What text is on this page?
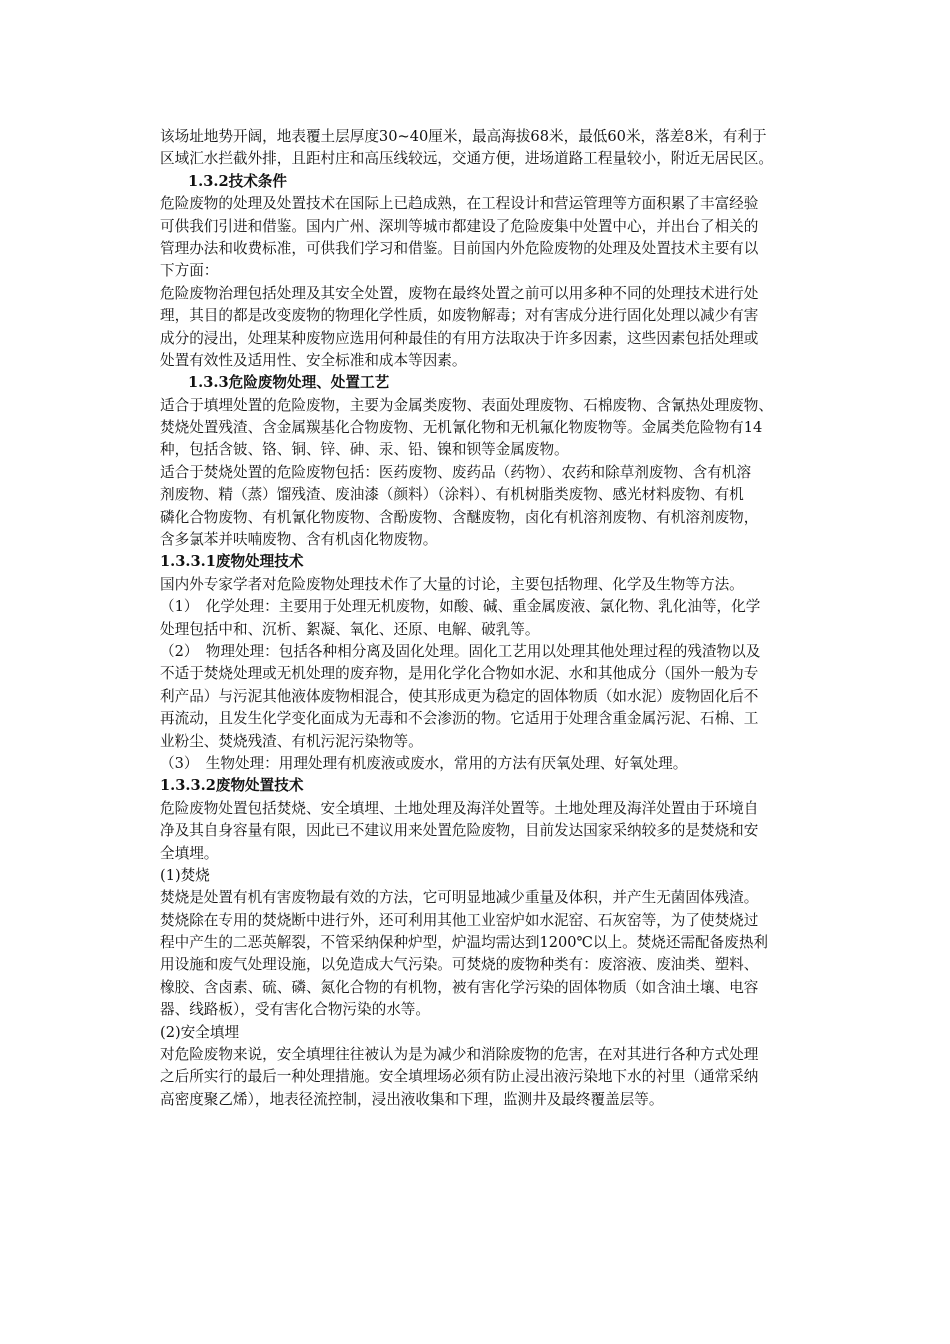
该场址地势开阔，地表覆土层厚度30~40厘米，最高海拔68米，最低60米，落差8米，有利于
区域汇水拦截外排，且距村庄和高压线较远，交通方便，进场道路工程量较小，附近无居民区。
1.3.2技术条件
危险废物的处理及处置技术在国际上已趋成熟，在工程设计和营运管理等方面积累了丰富经验
可供我们引进和借鉴。国内广州、深圳等城市都建设了危险废集中处置中心，并出台了相关的
管理办法和收费标准，可供我们学习和借鉴。目前国内外危险废物的处理及处置技术主要有以
下方面：
危险废物治理包括处理及其安全处置，废物在最终处置之前可以用多种不同的处理技术进行处
理，其目的都是改变废物的物理化学性质，如废物解毒；对有害成分进行固化处理以减少有害
成分的浸出，处理某种废物应选用何种最佳的有用方法取决于许多因素，这些因素包括处理或
处置有效性及适用性、安全标准和成本等因素。
1.3.3危险废物处理、处置工艺
适合于填埋处置的危险废物，主要为金属类废物、表面处理废物、石棉废物、含氰热处理废物、
焚烧处置残渣、含金属羰基化合物废物、无机氰化物和无机氟化物废物等。金属类危险物有14
种，包括含铍、铬、铜、锌、砷、汞、铅、镍和钡等金属废物。
适合于焚烧处置的危险废物包括：医药废物、废药品（药物）、农药和除草剂废物、含有机溶
剂废物、精（蒸）馏残渣、废油漆（颜料）（涂料）、有机树脂类废物、感光材料废物、有机
磷化合物废物、有机氰化物废物、含酚废物、含醚废物，卤化有机溶剂废物、有机溶剂废物，
含多氯苯并呋喃废物、含有机卤化物废物。
1.3.3.1废物处理技术
国内外专家学者对危险废物处理技术作了大量的讨论，主要包括物理、化学及生物等方法。
（1）　化学处理：主要用于处理无机废物，如酸、碱、重金属废液、氯化物、乳化油等，化学
处理包括中和、沉析、絮凝、氧化、还原、电解、破乳等。
（2）　物理处理：包括各种相分离及固化处理。固化工艺用以处理其他处理过程的残渣物以及
不适于焚烧处理或无机处理的废弃物，是用化学化合物如水泥、水和其他成分（国外一般为专
利产品）与污泥其他液体废物相混合，使其形成更为稳定的固体物质（如水泥）废物固化后不
再流动，且发生化学变化面成为无毒和不会渗沥的物。它适用于处理含重金属污泥、石棉、工
业粉尘、焚烧残渣、有机污泥污染物等。
（3）　生物处理：用理处理有机废液或废水，常用的方法有厌氧处理、好氧处理。
1.3.3.2废物处置技术
危险废物处置包括焚烧、安全填埋、土地处理及海洋处置等。土地处理及海洋处置由于环境自
净及其自身容量有限，因此已不建议用来处置危险废物，目前发达国家采纳较多的是焚烧和安
全填埋。
(1)焚烧
焚烧是处置有机有害废物最有效的方法，它可明显地减少重量及体积，并产生无菌固体残渣。
焚烧除在专用的焚烧断中进行外，还可利用其他工业窑炉如水泥窑、石灰窑等，为了使焚烧过
程中产生的二恶英解裂，不管采纳保种炉型，炉温均需达到1200℃以上。焚烧还需配备废热利
用设施和废气处理设施，以免造成大气污染。可焚烧的废物种类有：废溶液、废油类、塑料、
橡胶、含卤素、硫、磷、氮化合物的有机物，被有害化学污染的固体物质（如含油土壤、电容
器、线路板），受有害化合物污染的水等。
(2)安全填埋
对危险废物来说，安全填埋往往被认为是为减少和消除废物的危害，在对其进行各种方式处理
之后所实行的最后一种处理措施。安全填埋场必须有防止浸出液污染地下水的衬里（通常采纳
高密度聚乙烯），地表径流控制，浸出液收集和下理，监测井及最终覆盖层等。
